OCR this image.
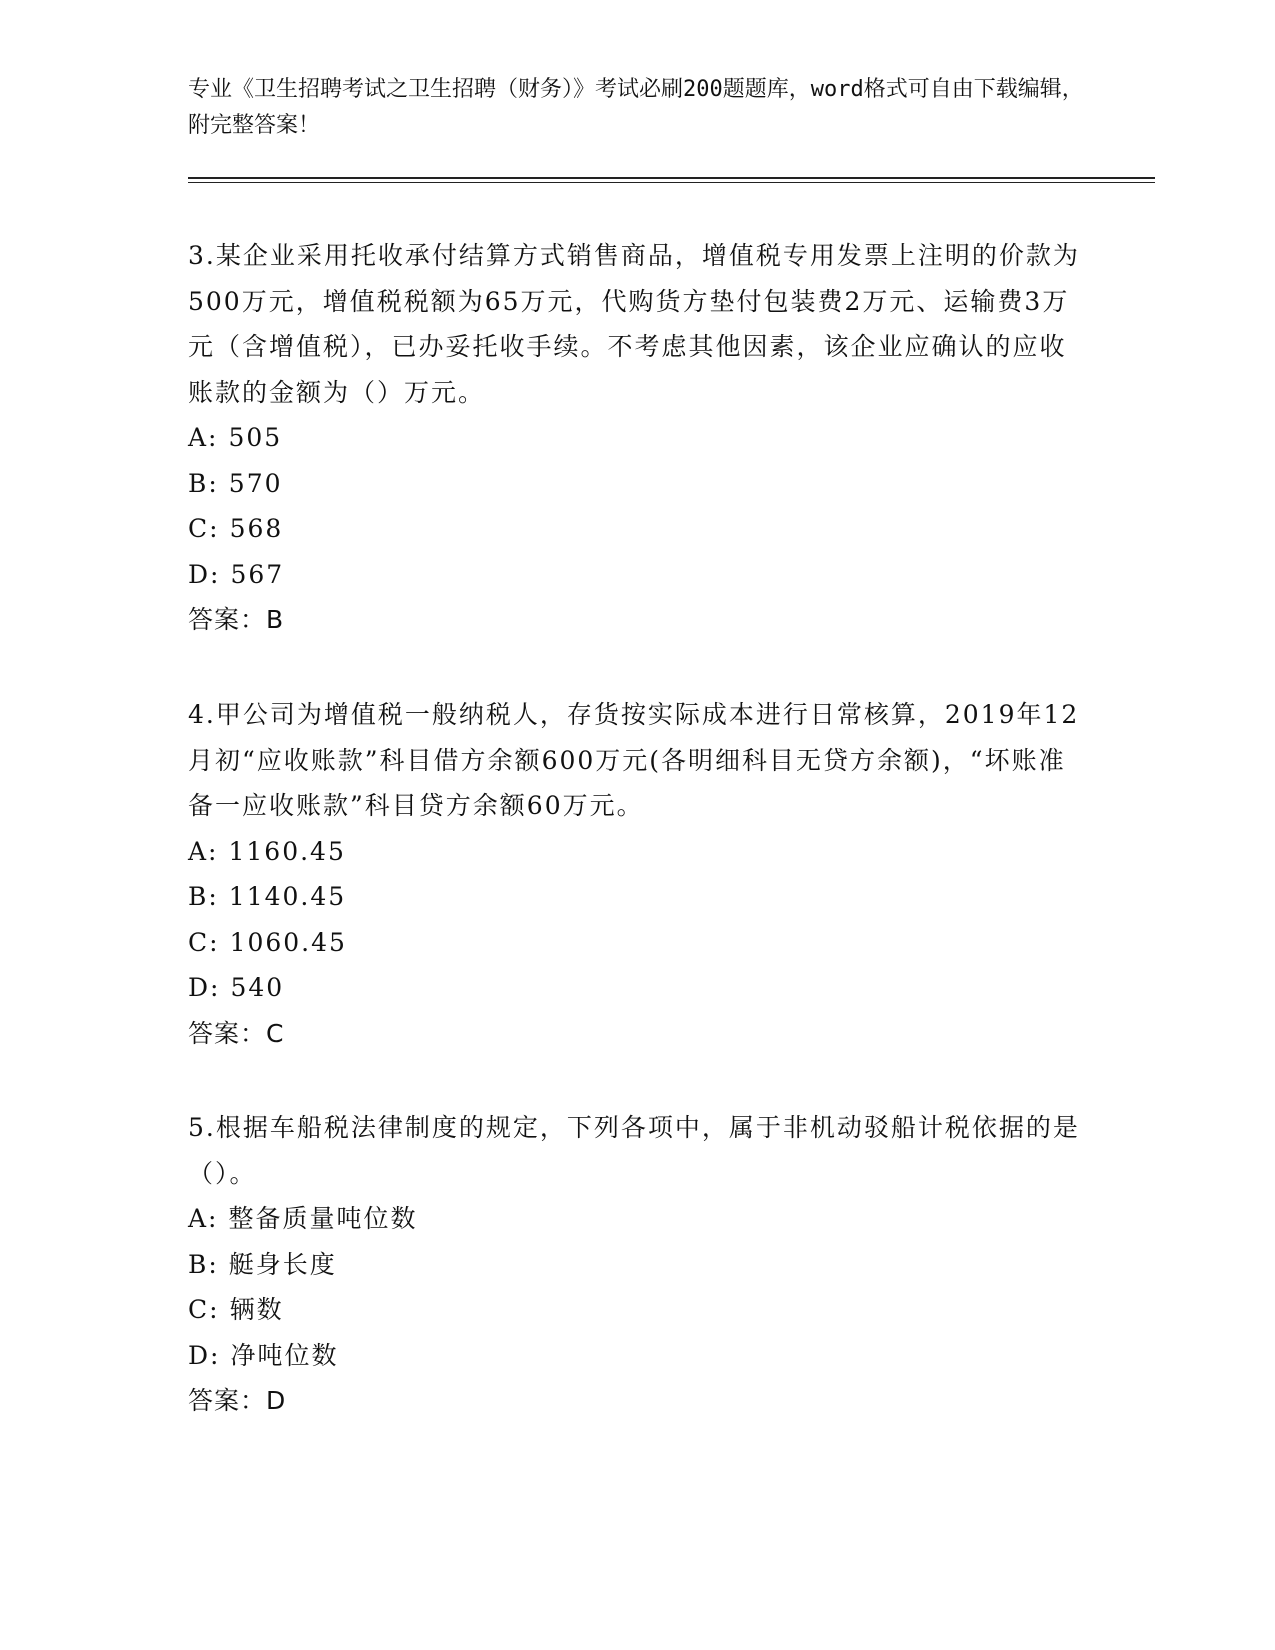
专业《卫生招聘考试之卫生招聘（财务）》考试必刷200题题库，word格式可自由下载编辑，附完整答案！

3.某企业采用托收承付结算方式销售商品，增值税专用发票上注明的价款为500万元，增值税税额为65万元，代购货方垫付包装费2万元、运输费3万元（含增值税），已办妥托收手续。不考虑其他因素，该企业应确认的应收账款的金额为（）万元。

A: 505
B: 570
C: 568
D: 567
答案：B

4.甲公司为增值税一般纳税人，存货按实际成本进行日常核算，2019年12月初“应收账款”科目借方余额600万元(各明细科目无贷方余额)，“坏账准备一应收账款”科目贷方余额60万元。

A: 1160.45
B: 1140.45
C: 1060.45
D: 540
答案：C

5.根据车船税法律制度的规定，下列各项中，属于非机动驳船计税依据的是（）。

A: 整备质量吨位数
B: 艇身长度
C: 辆数
D: 净吨位数
答案：D
